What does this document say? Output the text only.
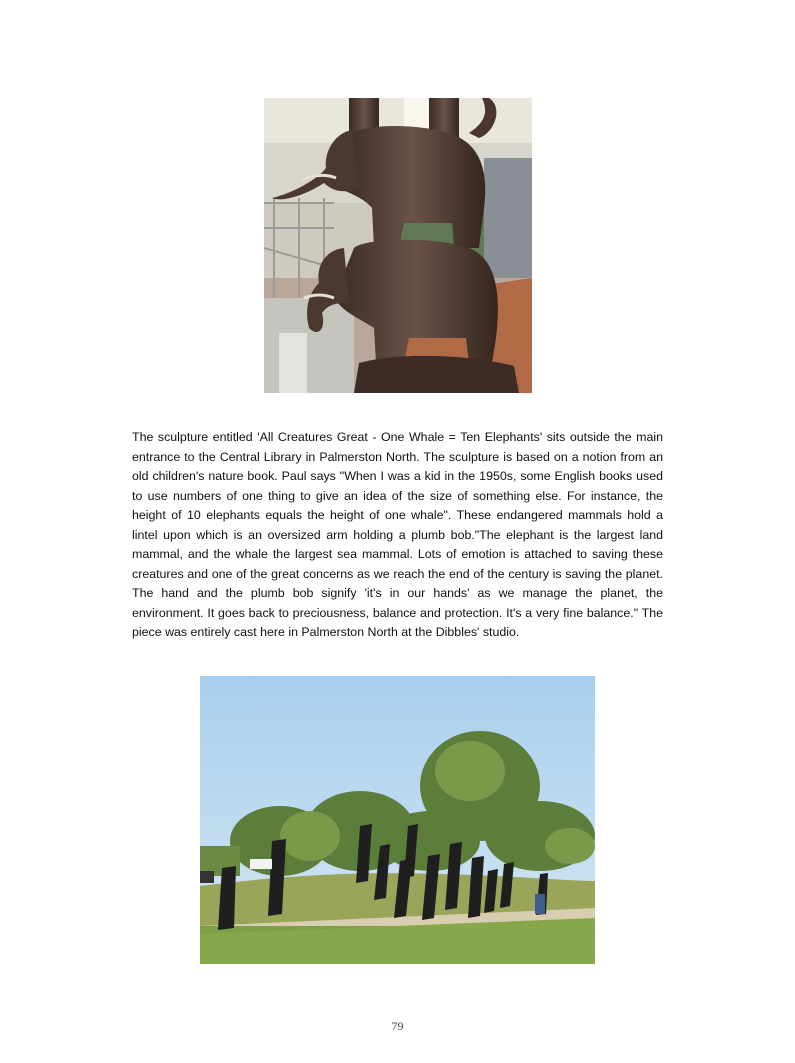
The sculpture entitled 'All Creatures Great - One Whale = Ten Elephants' sits outside the main entrance to the Central Library in Palmerston North. The sculpture is based on a notion from an old children's nature book. Paul says "When I was a kid in the 1950s, some English books used to use numbers of one thing to give an idea of the size of something else. For instance, the height of 10 elephants equals the height of one whale". These endangered mammals hold a lintel upon which is an oversized arm holding a plumb bob."The elephant is the largest land mammal, and the whale the largest sea mammal. Lots of emotion is attached to saving these creatures and one of the great concerns as we reach the end of the century is saving the planet. The hand and the plumb bob signify 'it's in our hands' as we manage the planet, the environment. It goes back to preciousness, balance and protection. It's a very fine balance." The piece was entirely cast here in Palmerston North at the Dibbles' studio.

79
